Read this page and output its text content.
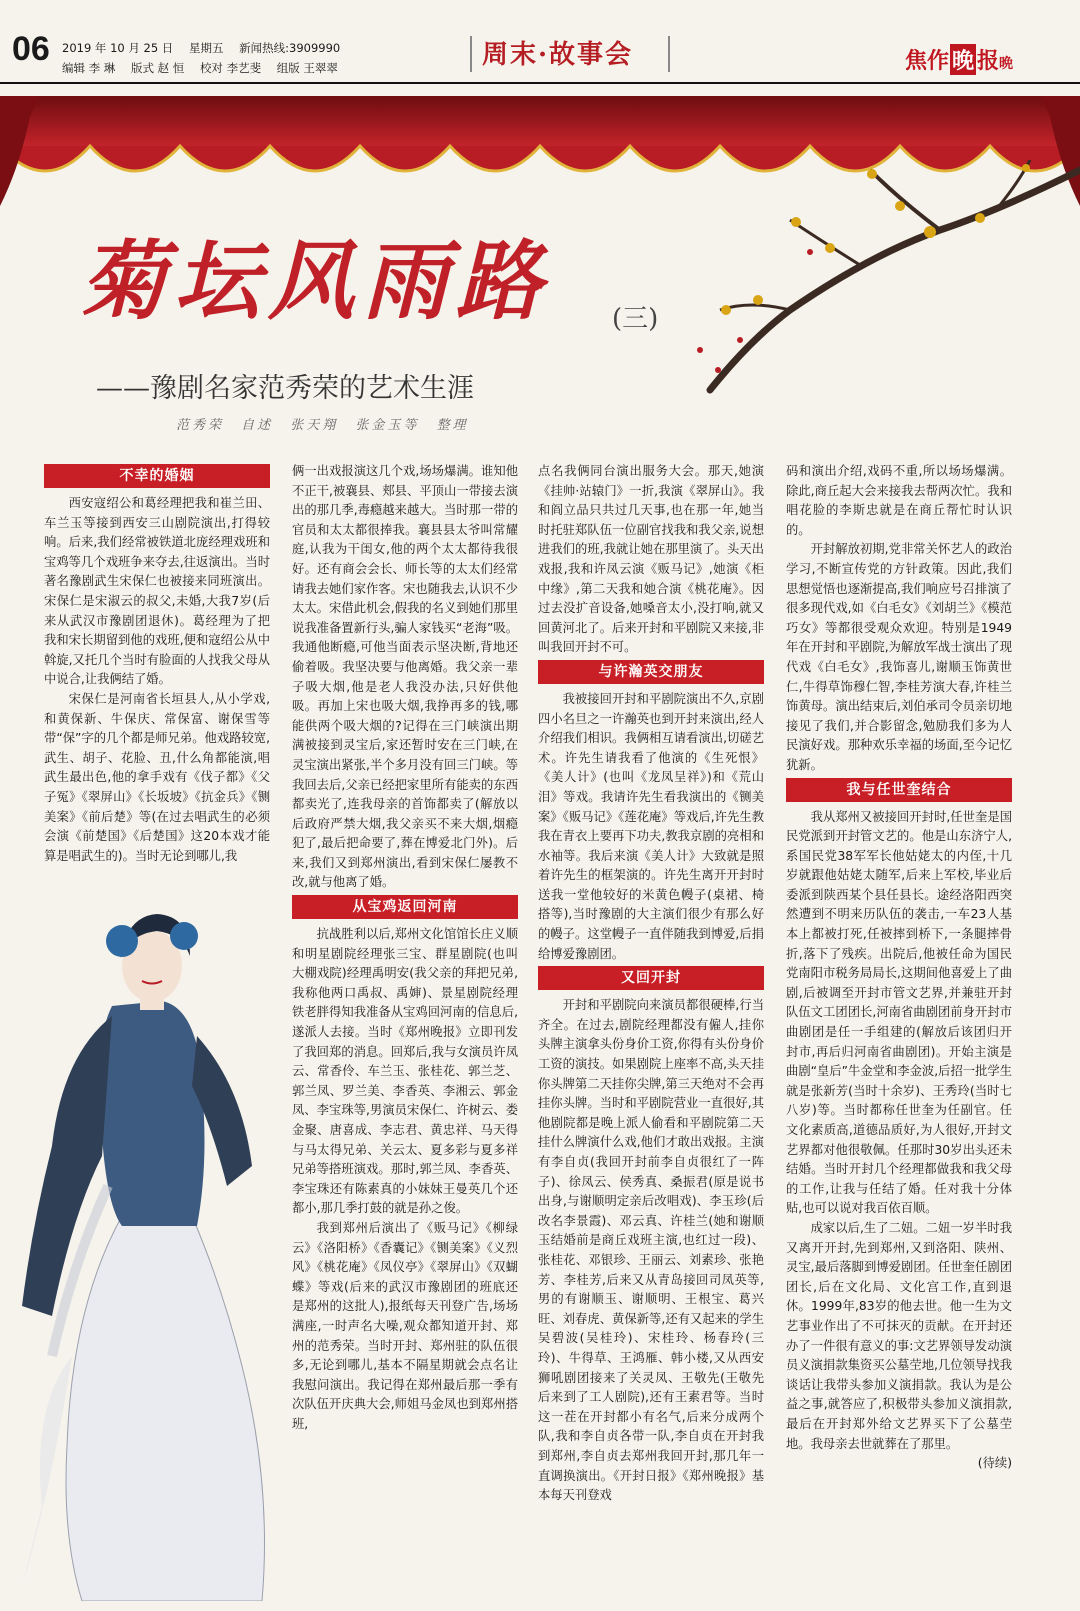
06 2019 年 10 月 25 日 星期五 新闻热线:3909990
编辑 李 琳 版式 赵 恒 校对 李艺斐 组版 王翠翠	周末·故事会	焦作 晚 报晩
菊坛风雨路 (三)
——豫剧名家范秀荣的艺术生涯
范秀荣 自述 张天翔 张金玉等 整理
不幸的婚姻

西安寇绍公和葛经理把我和崔兰田、车兰玉等接到西安三山剧院演出,打得较响。后来,我们经常被铁道北庞经理戏班和宝鸡等几个戏班争来夺去,往返演出。当时著名豫剧武生宋保仁也被接来同班演出。宋保仁是宋淑云的叔父,未婚,大我7岁(后来从武汉市豫剧团退休)。葛经理为了把我和宋长期留到他的戏班,便和寇绍公从中斡旋,又托几个当时有脸面的人找我父母从中说合,让我俩结了婚。

宋保仁是河南省长垣县人,从小学戏,和黄保新、牛保庆、常保富、谢保雪等带“保”字的几个都是师兄弟。他戏路较宽,武生、胡子、花脸、丑,什么角都能演,唱武生最出色,他的拿手戏有《伐子都》《父子冤》《翠屏山》《长坂坡》《抗金兵》《铡美案》《前后楚》等(在过去唱武生的必须会演《前楚国》《后楚国》这20本戏才能算是唱武生的)。当时无论到哪儿,我

俩一出戏报演这几个戏,场场爆满。谁知他不正干,被襄县、郏县、平顶山一带接去演出的那几季,毒瘾越来越大。当时那一带的官员和太太都很捧我。襄县县太爷叫常耀庭,认我为干闺女,他的两个太太都待我很好。还有商会会长、师长等的太太们经常请我去她们家作客。宋也随我去,认识不少太太。宋借此机会,假我的名义到她们那里说我准备置新行头,骗人家钱买“老海”吸。我通他断瘾,可他当面表示坚决断,背地还偷着吸。我坚决要与他离婚。我父亲一辈子吸大烟,他是老人我没办法,只好供他吸。再加上宋也吸大烟,我挣再多的钱,哪能供两个吸大烟的?记得在三门峡演出期满被接到灵宝后,家还暂时安在三门峡,在灵宝演出紧张,半个多月没有回三门峡。等我回去后,父亲已经把家里所有能卖的东西都卖光了,连我母亲的首饰都卖了(解放以后政府严禁大烟,我父亲买不来大烟,烟瘾犯了,最后把命要了,葬在博爱北门外)。后来,我们又到郑州演出,看到宋保仁屡教不改,就与他离了婚。

从宝鸡返回河南

抗战胜利以后,郑州文化馆馆长庄义顺和明星剧院经理张三宝、群星剧院(也叫大棚戏院)经理禹明安(我父亲的拜把兄弟,我称他两口禹叔、禹婶)、景星剧院经理铁老胖得知我准备从宝鸡回河南的信息后,遂派人去接。当时《郑州晚报》立即刊发了我回郑的消息。回郑后,我与女演员许凤云、常香伶、车兰玉、张桂花、郭兰芝、郭兰凤、罗兰美、李香英、李湘云、郭金凤、李宝珠等,男演员宋保仁、许树云、娄金聚、唐喜成、李志君、黄忠祥、马天得与马太得兄弟、关云太、夏多彩与夏多祥兄弟等搭班演戏。那时,郭兰凤、李香英、李宝珠还有陈素真的小妹妹王曼英几个还都小,那几季打鼓的就是孙之俊。

我到郑州后演出了《贩马记》《柳绿云》《洛阳桥》《香囊记》《铡美案》《义烈风》《桃花庵》《凤仪亭》《翠屏山》《双蝴蝶》等戏(后来的武汉市豫剧团的班底还是郑州的这批人),报纸每天刊登广告,场场满座,一时声名大噪,观众都知道开封、郑州的范秀荣。当时开封、郑州驻的队伍很多,无论到哪儿,基本不隔星期就会点名让我慰问演出。我记得在郑州最后那一季有次队伍开庆典大会,师姐马金凤也到郑州搭班,

点名我俩同台演出服务大会。那天,她演《挂帅·站辕门》一折,我演《翠屏山》。我和阎立品只共过几天事,也在那一年,她当时托驻郑队伍一位副官找我和我父亲,说想进我们的班,我就让她在那里演了。头天出戏报,我和许凤云演《贩马记》,她演《柜中缘》,第二天我和她合演《桃花庵》。因过去没扩音设备,她嗓音太小,没打响,就又回黄河北了。后来开封和平剧院又来接,非叫我回开封不可。

与许瀚英交朋友

我被接回开封和平剧院演出不久,京剧四小名旦之一许瀚英也到开封来演出,经人介绍我们相识。我俩相互请看演出,切磋艺术。许先生请我看了他演的《生死恨》《美人计》(也叫《龙凤呈祥》)和《荒山泪》等戏。我请许先生看我演出的《铡美案》《贩马记》《莲花庵》等戏后,许先生教我在青衣上要再下功夫,教我京剧的亮相和水袖等。我后来演《美人计》大致就是照着许先生的框架演的。许先生离开开封时送我一堂他较好的米黄色幔子(桌裙、椅搭等),当时豫剧的大主演们很少有那么好的幔子。这堂幔子一直伴随我到博爱,后捐给博爱豫剧团。

又回开封

开封和平剧院向来演员都很硬棒,行当齐全。在过去,剧院经理都没有僱人,挂你头牌主演拿头份身价工资,你得有头份身价工资的演技。如果剧院上座率不高,头天挂你头牌第二天挂你尖牌,第三天绝对不会再挂你头牌。当时和平剧院营业一直很好,其他剧院都是晚上派人偷看和平剧院第二天挂什么牌演什么戏,他们才敢出戏报。主演有李自贞(我回开封前李自贞很红了一阵子)、徐凤云、侯秀真、桑振君(原是说书出身,与谢顺明定亲后改唱戏)、李玉珍(后改名李景霞)、邓云真、许桂兰(她和谢顺玉结婚前是商丘戏班主演,也红过一段)、张桂花、邓银珍、王丽云、刘素珍、张艳芳、李桂芳,后来又从青岛接回司凤英等,男的有谢顺玉、谢顺明、王根宝、葛兴旺、刘春虎、黄保新等,还有又起来的学生吴碧波(吴桂玲)、宋桂玲、杨春玲(三玲)、牛得草、王鸿雁、韩小楼,又从西安狮吼剧团接来了关灵凤、王敬先(王敬先后来到了工人剧院),还有王素君等。当时这一茬在开封都小有名气,后来分成两个队,我和李自贞各带一队,李自贞在开封我到郑州,李自贞去郑州我回开封,那几年一直调换演出。《开封日报》《郑州晚报》基本每天刊登戏

码和演出介绍,戏码不重,所以场场爆满。除此,商丘起大会来接我去帮两次忙。我和唱花脸的李斯忠就是在商丘帮忙时认识的。

开封解放初期,党非常关怀艺人的政治学习,不断宣传党的方针政策。因此,我们思想觉悟也逐渐提高,我们响应号召排演了很多现代戏,如《白毛女》《刘胡兰》《模范巧女》等都很受观众欢迎。特别是1949年在开封和平剧院,为解放军战士演出了现代戏《白毛女》,我饰喜儿,谢顺玉饰黄世仁,牛得草饰穆仁智,李桂芳演大春,许桂兰饰黄母。演出结束后,刘伯承司令员亲切地接见了我们,并合影留念,勉励我们多为人民演好戏。那种欢乐幸福的场面,至今记忆犹新。

我与任世奎结合

我从郑州又被接回开封时,任世奎是国民党派到开封管文艺的。他是山东济宁人,系国民党38军军长他姑姥太的内侄,十几岁就跟他姑姥太随军,后来上军校,毕业后委派到陕西某个县任县长。途经洛阳西突然遭到不明来历队伍的袭击,一车23人基本上都被打死,任被摔到桥下,一条腿摔骨折,落下了残疾。出院后,他被任命为国民党南阳市税务局局长,这期间他喜爱上了曲剧,后被调至开封市管文艺界,并兼驻开封队伍文工团团长,河南省曲剧团前身开封市曲剧团是任一手组建的(解放后该团归开封市,再后归河南省曲剧团)。开始主演是曲剧“皇后”牛金堂和李金波,后招一批学生就是张新芳(当时十余岁)、王秀玲(当时七八岁)等。当时都称任世奎为任副官。任文化素质高,道德品质好,为人很好,开封文艺界都对他很敬佩。任那时30岁出头还未结婚。当时开封几个经理都做我和我父母的工作,让我与任结了婚。任对我十分体贴,也可以说对我百依百顺。

成家以后,生了二妞。二妞一岁半时我又离开开封,先到郑州,又到洛阳、陕州、灵宝,最后落脚到博爱剧团。任世奎任剧团团长,后在文化局、文化宫工作,直到退休。1999年,83岁的他去世。他一生为文艺事业作出了不可抹灭的贡献。在开封还办了一件很有意义的事:文艺界领导发动演员义演捐款集资买公墓茔地,几位领导找我谈话让我带头参加义演捐款。我认为是公益之事,就答应了,积极带头参加义演捐款,最后在开封郑外给文艺界买下了公墓茔地。我母亲去世就葬在了那里。

(待续)
